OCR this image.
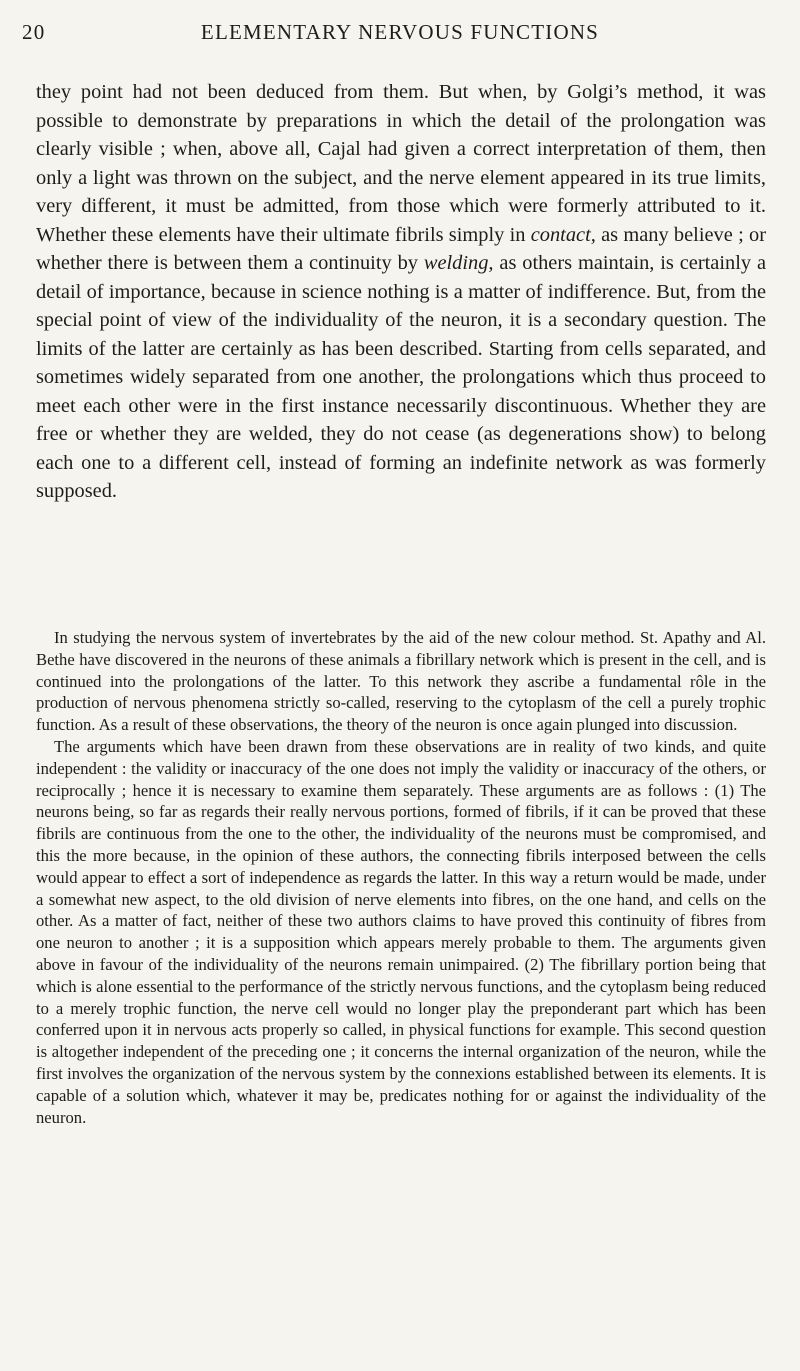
20	ELEMENTARY NERVOUS FUNCTIONS

they point had not been deduced from them. But when, by Golgi’s method, it was possible to demonstrate by preparations in which the detail of the prolongation was clearly visible ; when, above all, Cajal had given a correct interpretation of them, then only a light was thrown on the subject, and the nerve element appeared in its true limits, very different, it must be admitted, from those which were formerly attributed to it. Whether these elements have their ultimate fibrils simply in contact, as many believe ; or whether there is between them a continuity by welding, as others maintain, is certainly a detail of importance, because in science nothing is a matter of indifference. But, from the special point of view of the individuality of the neuron, it is a secondary question. The limits of the latter are certainly as has been described. Starting from cells separated, and sometimes widely separated from one another, the prolongations which thus proceed to meet each other were in the first instance necessarily discontinuous. Whether they are free or whether they are welded, they do not cease (as degenerations show) to belong each one to a different cell, instead of forming an indefinite network as was formerly supposed.

In studying the nervous system of invertebrates by the aid of the new colour method. St. Apathy and Al. Bethe have discovered in the neurons of these animals a fibrillary network which is present in the cell, and is continued into the prolongations of the latter. To this network they ascribe a fundamental rôle in the production of nervous phenomena strictly so-called, reserving to the cytoplasm of the cell a purely trophic function. As a result of these observations, the theory of the neuron is once again plunged into discussion.

The arguments which have been drawn from these observations are in reality of two kinds, and quite independent : the validity or inaccuracy of the one does not imply the validity or inaccuracy of the others, or reciprocally ; hence it is necessary to examine them separately. These arguments are as follows : (1) The neurons being, so far as regards their really nervous portions, formed of fibrils, if it can be proved that these fibrils are continuous from the one to the other, the individuality of the neurons must be compromised, and this the more because, in the opinion of these authors, the connecting fibrils interposed between the cells would appear to effect a sort of independence as regards the latter. In this way a return would be made, under a somewhat new aspect, to the old division of nerve elements into fibres, on the one hand, and cells on the other. As a matter of fact, neither of these two authors claims to have proved this continuity of fibres from one neuron to another ; it is a supposition which appears merely probable to them. The arguments given above in favour of the individuality of the neurons remain unimpaired. (2) The fibrillary portion being that which is alone essential to the performance of the strictly nervous functions, and the cytoplasm being reduced to a merely trophic function, the nerve cell would no longer play the preponderant part which has been conferred upon it in nervous acts properly so called, in physical functions for example. This second question is altogether independent of the preceding one ; it concerns the internal organization of the neuron, while the first involves the organization of the nervous system by the connexions established between its elements. It is capable of a solution which, whatever it may be, predicates nothing for or against the individuality of the neuron.
